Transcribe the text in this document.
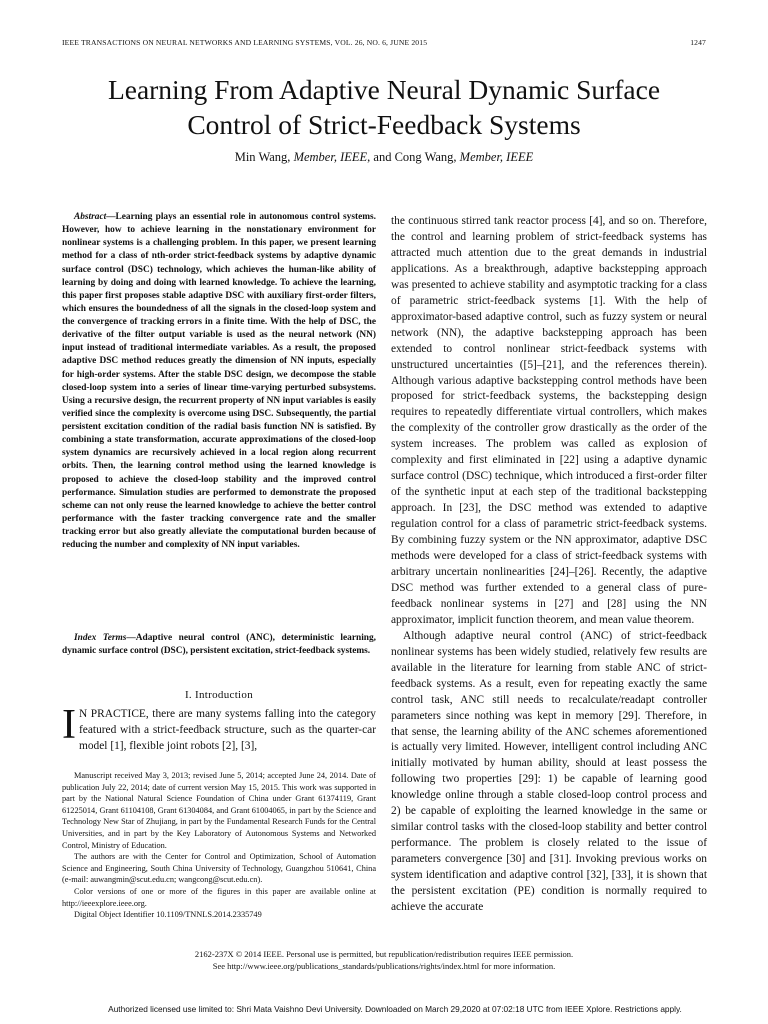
IEEE TRANSACTIONS ON NEURAL NETWORKS AND LEARNING SYSTEMS, VOL. 26, NO. 6, JUNE 2015	1247
Learning From Adaptive Neural Dynamic Surface
Control of Strict-Feedback Systems
Min Wang, Member, IEEE, and Cong Wang, Member, IEEE

Abstract—Learning plays an essential role in autonomous control systems. However, how to achieve learning in the nonstationary environment for nonlinear systems is a challenging problem. In this paper, we present learning method for a class of nth-order strict-feedback systems by adaptive dynamic surface control (DSC) technology, which achieves the human-like ability of learning by doing and doing with learned knowledge. To achieve the learning, this paper first proposes stable adaptive DSC with auxiliary first-order filters, which ensures the boundedness of all the signals in the closed-loop system and the convergence of tracking errors in a finite time. With the help of DSC, the derivative of the filter output variable is used as the neural network (NN) input instead of traditional intermediate variables. As a result, the proposed adaptive DSC method reduces greatly the dimension of NN inputs, especially for high-order systems. After the stable DSC design, we decompose the stable closed-loop system into a series of linear time-varying perturbed subsystems. Using a recursive design, the recurrent property of NN input variables is easily verified since the complexity is overcome using DSC. Subsequently, the partial persistent excitation condition of the radial basis function NN is satisfied. By combining a state transformation, accurate approximations of the closed-loop system dynamics are recursively achieved in a local region along recurrent orbits. Then, the learning control method using the learned knowledge is proposed to achieve the closed-loop stability and the improved control performance. Simulation studies are performed to demonstrate the proposed scheme can not only reuse the learned knowledge to achieve the better control performance with the faster tracking convergence rate and the smaller tracking error but also greatly alleviate the computational burden because of reducing the number and complexity of NN input variables.

Index Terms—Adaptive neural control (ANC), deterministic learning, dynamic surface control (DSC), persistent excitation, strict-feedback systems.

I. Introduction
I N PRACTICE, there are many systems falling into the category featured with a strict-feedback structure, such as the quarter-car model [1], flexible joint robots [2], [3],

Manuscript received May 3, 2013; revised June 5, 2014; accepted June 24, 2014. Date of publication July 22, 2014; date of current version May 15, 2015. This work was supported in part by the National Natural Science Foundation of China under Grant 61374119, Grant 61225014, Grant 61104108, Grant 61304084, and Grant 61004065, in part by the Science and Technology New Star of Zhujiang, in part by the Fundamental Research Funds for the Central Universities, and in part by the Key Laboratory of Autonomous Systems and Networked Control, Ministry of Education.

The authors are with the Center for Control and Optimization, School of Automation Science and Engineering, South China University of Technology, Guangzhou 510641, China (e-mail: auwangmin@scut.edu.cn; wangcong@scut.edu.cn).

Color versions of one or more of the figures in this paper are available online at http://ieeexplore.ieee.org.

Digital Object Identifier 10.1109/TNNLS.2014.2335749

the continuous stirred tank reactor process [4], and so on. Therefore, the control and learning problem of strict-feedback systems has attracted much attention due to the great demands in industrial applications. As a breakthrough, adaptive backstepping approach was presented to achieve stability and asymptotic tracking for a class of parametric strict-feedback systems [1]. With the help of approximator-based adaptive control, such as fuzzy system or neural network (NN), the adaptive backstepping approach has been extended to control nonlinear strict-feedback systems with unstructured uncertainties ([5]–[21], and the references therein). Although various adaptive backstepping control methods have been proposed for strict-feedback systems, the backstepping design requires to repeatedly differentiate virtual controllers, which makes the complexity of the controller grow drastically as the order of the system increases. The problem was called as explosion of complexity and first eliminated in [22] using a adaptive dynamic surface control (DSC) technique, which introduced a first-order filter of the synthetic input at each step of the traditional backstepping approach. In [23], the DSC method was extended to adaptive regulation control for a class of parametric strict-feedback systems. By combining fuzzy system or the NN approximator, adaptive DSC methods were developed for a class of strict-feedback systems with arbitrary uncertain nonlinearities [24]–[26]. Recently, the adaptive DSC method was further extended to a general class of pure-feedback nonlinear systems in [27] and [28] using the NN approximator, implicit function theorem, and mean value theorem.

Although adaptive neural control (ANC) of strict-feedback nonlinear systems has been widely studied, relatively few results are available in the literature for learning from stable ANC of strict-feedback systems. As a result, even for repeating exactly the same control task, ANC still needs to recalculate/readapt controller parameters since nothing was kept in memory [29]. Therefore, in that sense, the learning ability of the ANC schemes aforementioned is actually very limited. However, intelligent control including ANC initially motivated by human ability, should at least possess the following two properties [29]: 1) be capable of learning good knowledge online through a stable closed-loop control process and 2) be capable of exploiting the learned knowledge in the same or similar control tasks with the closed-loop stability and better control performance. The problem is closely related to the issue of parameters convergence [30] and [31]. Invoking previous works on system identification and adaptive control [32], [33], it is shown that the persistent excitation (PE) condition is normally required to achieve the accurate

2162-237X © 2014 IEEE. Personal use is permitted, but republication/redistribution requires IEEE permission.
See http://www.ieee.org/publications_standards/publications/rights/index.html for more information.
Authorized licensed use limited to: Shri Mata Vaishno Devi University. Downloaded on March 29,2020 at 07:02:18 UTC from IEEE Xplore. Restrictions apply.
